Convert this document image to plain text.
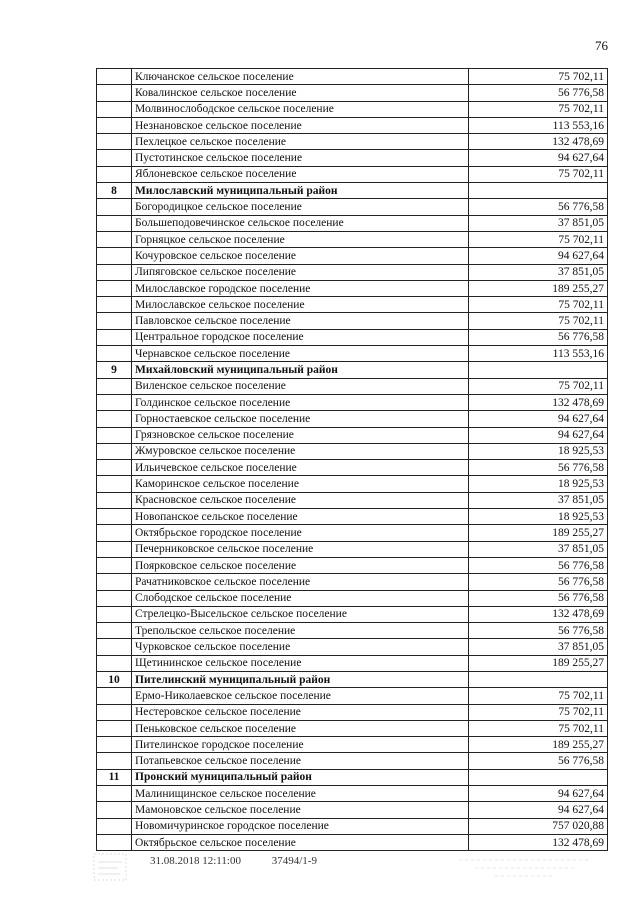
76
	Ключанское сельское поселение	75 702,11
	Ковалинское сельское поселение	56 776,58
	Молвинослободское сельское поселение	75 702,11
	Незнановское сельское поселение	113 553,16
	Пехлецкое сельское поселение	132 478,69
	Пустотинское сельское поселение	94 627,64
	Яблоневское сельское поселение	75 702,11
8	Милославский муниципальный район	
	Богородицкое сельское поселение	56 776,58
	Большеподовечинское сельское поселение	37 851,05
	Горняцкое сельское поселение	75 702,11
	Кочуровское сельское поселение	94 627,64
	Липяговское сельское поселение	37 851,05
	Милославское городское поселение	189 255,27
	Милославское сельское поселение	75 702,11
	Павловское сельское поселение	75 702,11
	Центральное городское поселение	56 776,58
	Чернавское сельское поселение	113 553,16
9	Михайловский муниципальный район	
	Виленское сельское поселение	75 702,11
	Голдинское сельское поселение	132 478,69
	Горностаевское сельское поселение	94 627,64
	Грязновское сельское поселение	94 627,64
	Жмуровское сельское поселение	18 925,53
	Ильичевское сельское поселение	56 776,58
	Кaморинское сельское поселение	18 925,53
	Красновское сельское поселение	37 851,05
	Новопанское сельское поселение	18 925,53
	Октябрьское городское поселение	189 255,27
	Печерниковское сельское поселение	37 851,05
	Поярковское сельское поселение	56 776,58
	Рачатниковское сельское поселение	56 776,58
	Слободское сельское поселение	56 776,58
	Стрелецко-Высельское сельское поселение	132 478,69
	Трепольское сельское поселение	56 776,58
	Чурковское сельское поселение	37 851,05
	Щетининское сельское поселение	189 255,27
10	Пителинский муниципальный район	
	Ермо-Николаевское сельское поселение	75 702,11
	Нестеровское сельское поселение	75 702,11
	Пеньковское сельское поселение	75 702,11
	Пителинское городское поселение	189 255,27
	Потапьевское сельское поселение	56 776,58
11	Пронский муниципальный район	
	Малинищинское сельское поселение	94 627,64
	Мамоновское сельское поселение	94 627,64
	Новомичуринское городское поселение	757 020,88
	Октябрьское сельское поселение	132 478,69
31.08.2018 12:11:00	37494/1-9
